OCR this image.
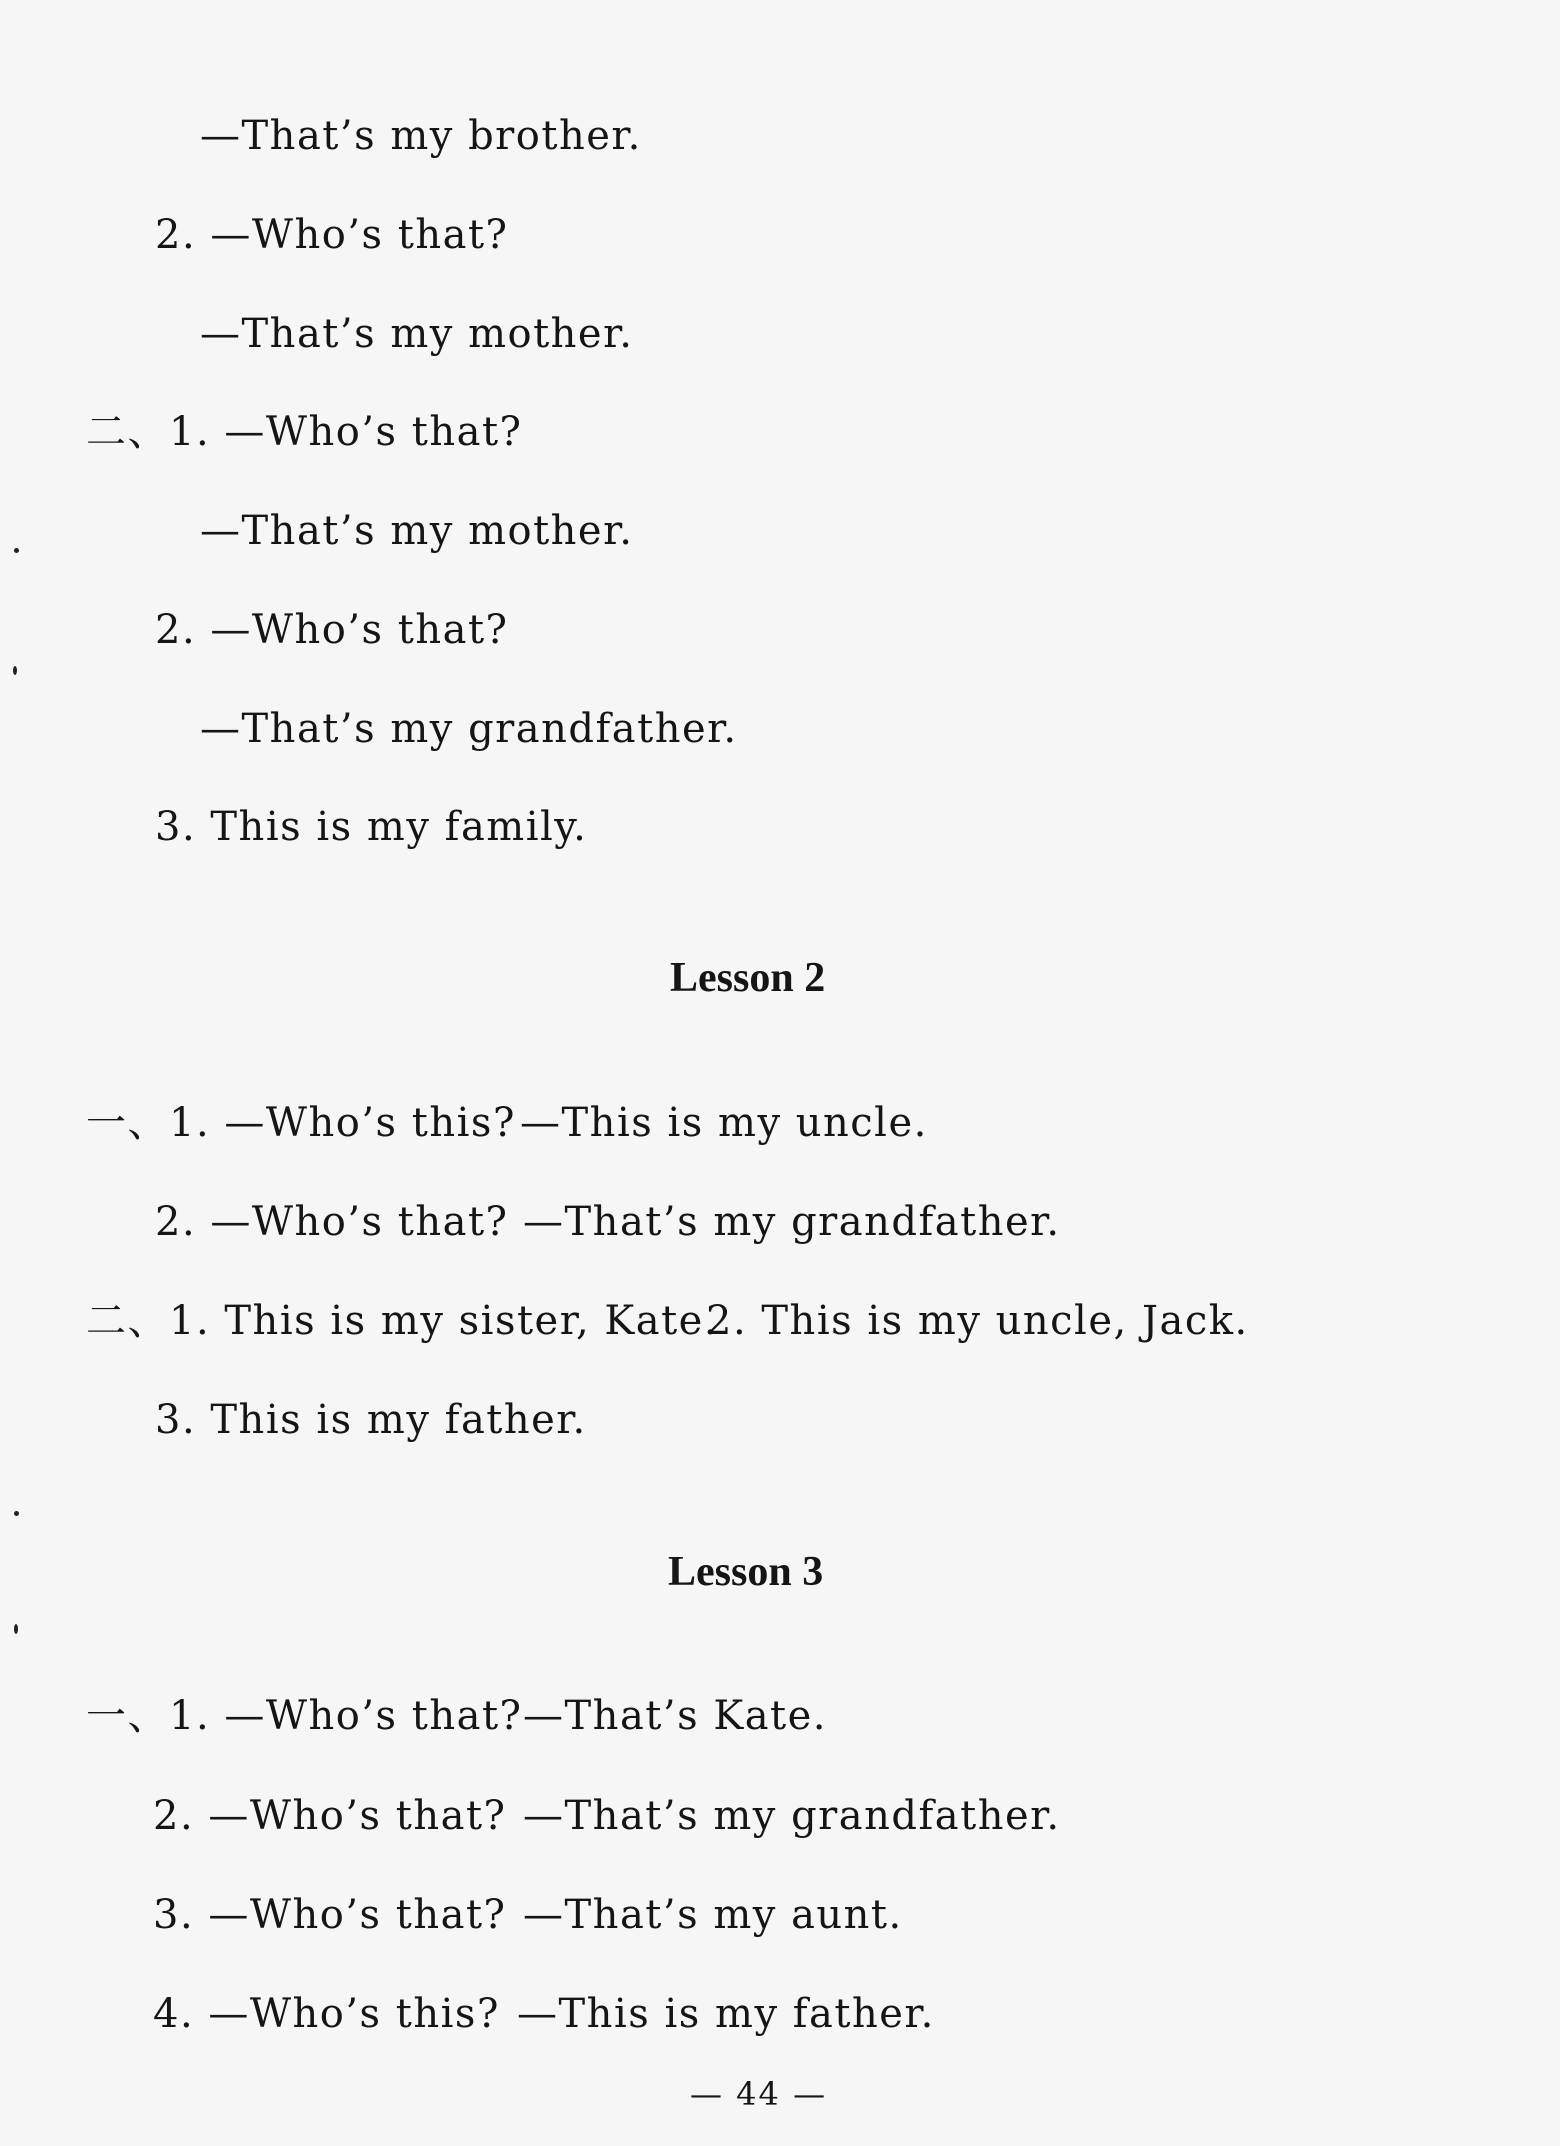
—That’s my brother.
2. —Who’s that?
—That’s my mother.
二、1. —Who’s that?
—That’s my mother.
2. —Who’s that?
—That’s my grandfather.
3. This is my family.
Lesson 2
一、1. —Who’s this? —This is my uncle.
2. —Who’s that? —That’s my grandfather.
二、1. This is my sister, Kate.
2. This is my uncle, Jack.
3. This is my father.
Lesson 3
一、1. —Who’s that? —That’s Kate.
2. —Who’s that? —That’s my grandfather.
3. —Who’s that? —That’s my aunt.
4. —Who’s this? —This is my father.
— 44 —
